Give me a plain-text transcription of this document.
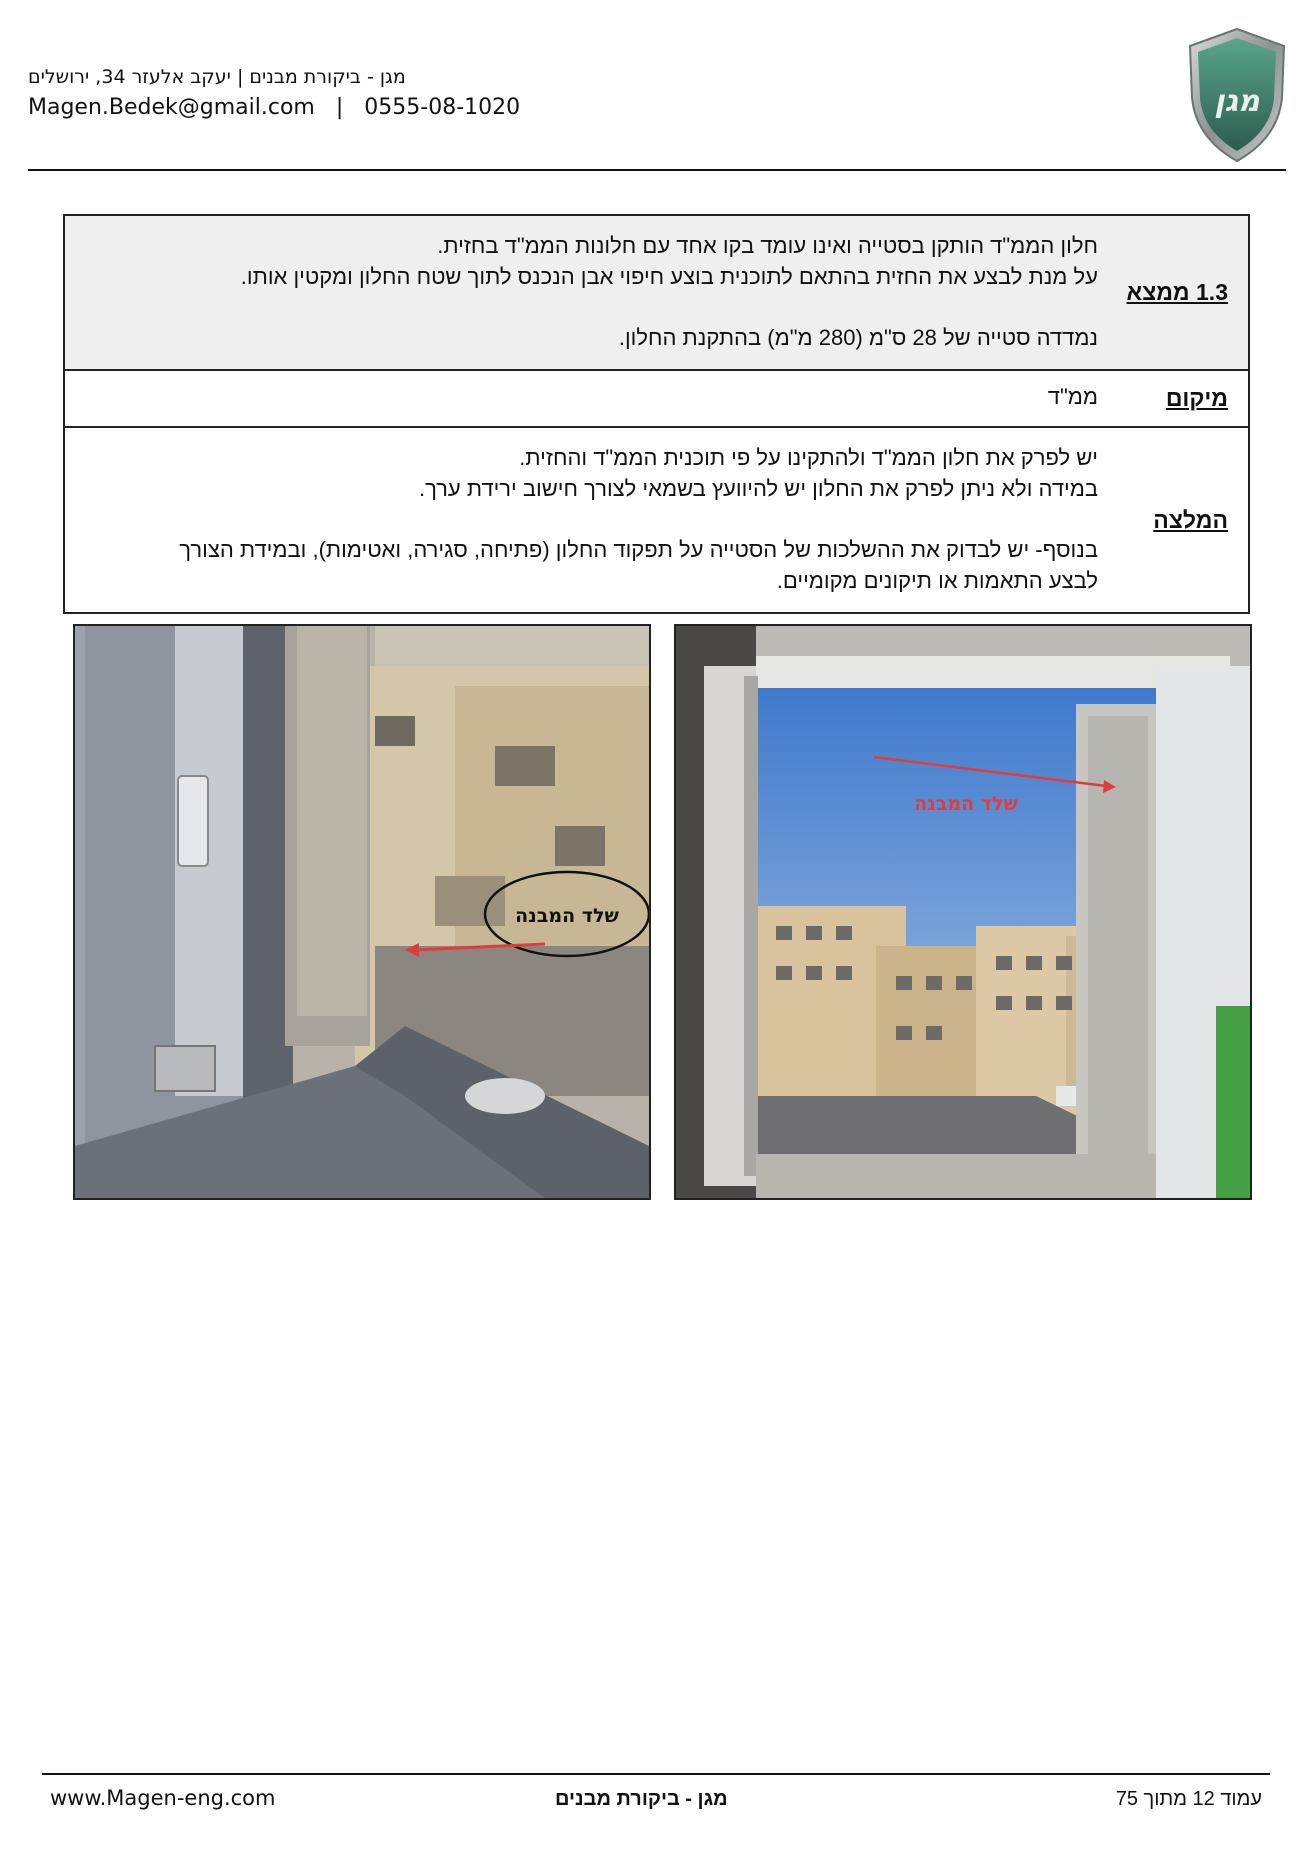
מגן - ביקורת מבנים | יעקב אלעזר 34, ירושלים
Magen.Bedek@gmail.com | 0555-08-1020	מגן
1.3 ממצא

חלון הממ"ד הותקן בסטייה ואינו עומד בקו אחד עם חלונות הממ"ד בחזית.

על מנת לבצע את החזית בהתאם לתוכנית בוצע חיפוי אבן הנכנס לתוך שטח החלון ומקטין אותו.

נמדדה סטייה של 28 ס"מ (280 מ"מ) בהתקנת החלון.

מיקום
ממ"ד
המלצה

יש לפרק את חלון הממ"ד ולהתקינו על פי תוכנית הממ"ד והחזית.

במידה ולא ניתן לפרק את החלון יש להיוועץ בשמאי לצורך חישוב ירידת ערך.

בנוסף- יש לבדוק את ההשלכות של הסטייה על תפקוד החלון (פתיחה, סגירה, ואטימות), ובמידת הצורך

לבצע התאמות או תיקונים מקומיים.

שלד המבנה
שלד המבנה
www.Magen-eng.com	מגן - ביקורת מבנים	עמוד 12 מתוך 75
